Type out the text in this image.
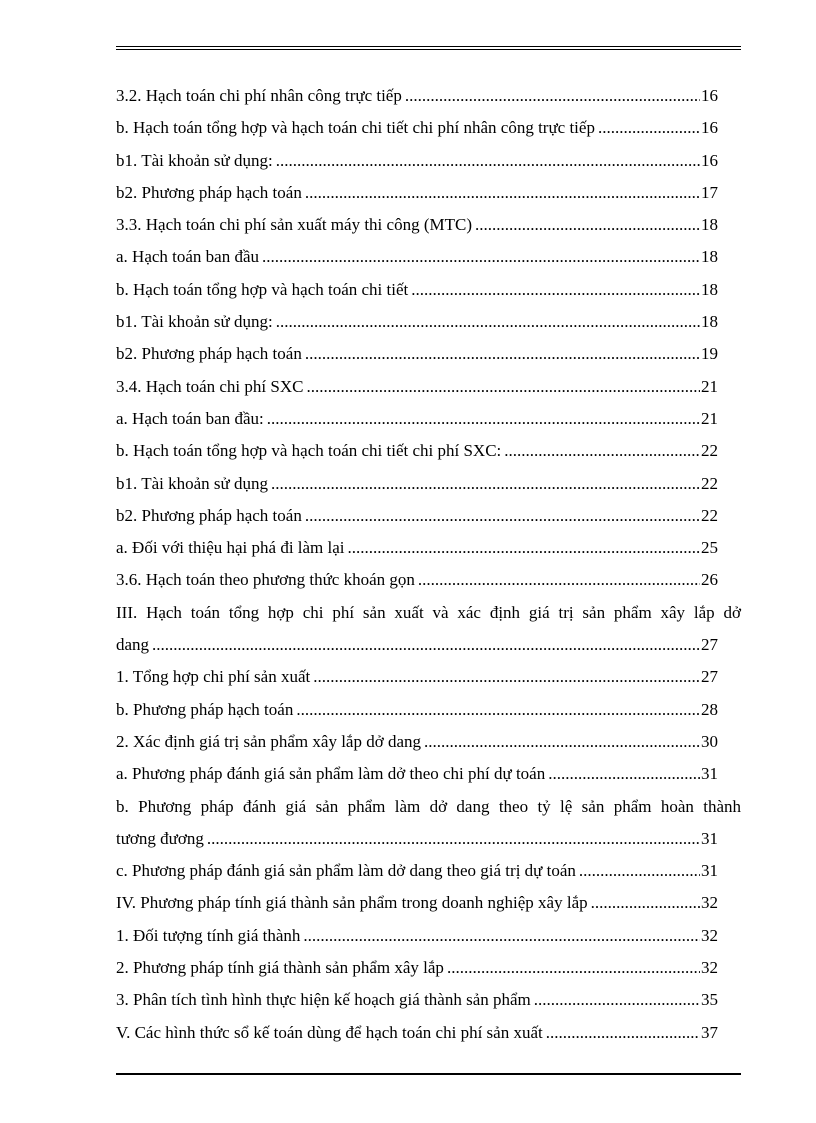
3.2. Hạch toán chi phí nhân công trực tiếp .....	16
b. Hạch toán tổng hợp và hạch toán chi tiết chi phí nhân công trực tiếp .....	16
b1. Tài khoản sử dụng: .....	16
b2. Phương pháp hạch toán .....	17
3.3. Hạch toán chi phí sản xuất máy thi công (MTC) .....	18
a. Hạch toán ban đầu .....	18
b. Hạch toán tổng hợp và hạch toán chi tiết .....	18
b1. Tài khoản sử dụng: .....	18
b2. Phương pháp hạch toán .....	19
3.4. Hạch toán chi phí SXC .....	21
a. Hạch toán ban đầu: .....	21
b. Hạch toán tổng hợp và hạch toán chi tiết chi phí SXC: .....	22
b1. Tài khoản sử dụng .....	22
b2. Phương pháp hạch toán .....	22
a. Đối với thiệu hại phá đi làm lại .....	25
3.6. Hạch toán theo phương thức khoán gọn .....	26
III. Hạch toán tổng hợp chi phí sản xuất và xác định giá trị sản phẩm xây lắp dở
dang .....	27
1. Tổng hợp chi phí sản xuất .....	27
b. Phương pháp hạch toán .....	28
2. Xác định giá trị sản phẩm xây lắp dở dang .....	30
a. Phương pháp đánh giá sản phẩm làm dở theo chi phí dự toán .....	31
b. Phương pháp đánh giá sản phẩm làm dở dang theo tỷ lệ sản phẩm hoàn thành
tương đương .....	31
c. Phương pháp đánh giá sản phẩm làm dở dang theo giá trị dự toán .....	31
IV. Phương pháp tính giá thành sản phẩm trong doanh nghiệp xây lắp .....	32
1. Đối tượng tính giá thành .....	32
2. Phương pháp tính giá thành sản phẩm xây lắp .....	32
3. Phân tích tình hình thực hiện kế hoạch giá thành sản phẩm .....	35
V. Các hình thức sổ kế toán dùng để hạch toán chi phí sản xuất .....	37
